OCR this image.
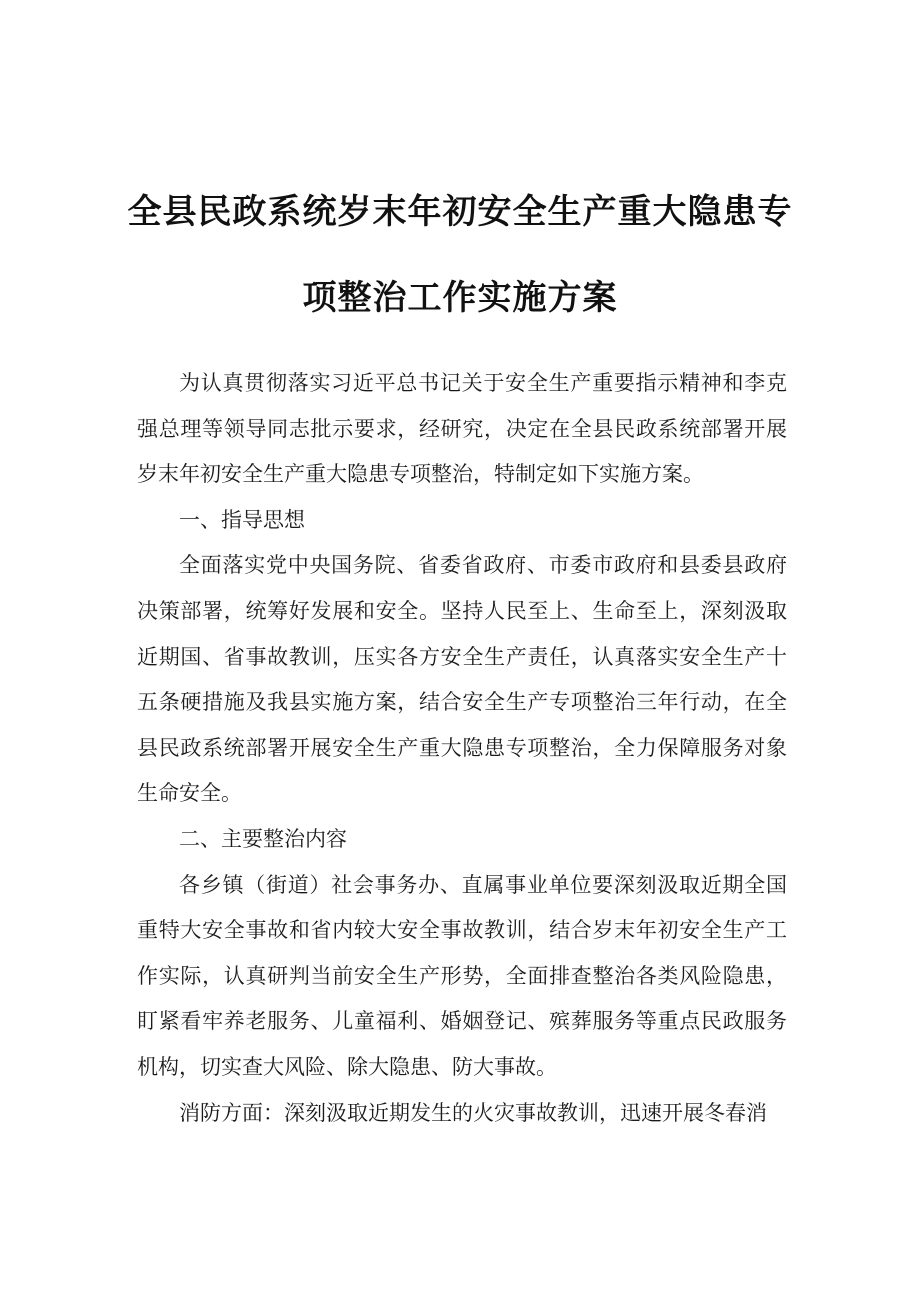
全县民政系统岁末年初安全生产重大隐患专
项整治工作实施方案

为认真贯彻落实习近平总书记关于安全生产重要指示精神和李克强总理等领导同志批示要求，经研究，决定在全县民政系统部署开展岁末年初安全生产重大隐患专项整治，特制定如下实施方案。

一、指导思想

全面落实党中央国务院、省委省政府、市委市政府和县委县政府决策部署，统筹好发展和安全。坚持人民至上、生命至上，深刻汲取近期国、省事故教训，压实各方安全生产责任，认真落实安全生产十五条硬措施及我县实施方案，结合安全生产专项整治三年行动，在全县民政系统部署开展安全生产重大隐患专项整治，全力保障服务对象生命安全。

二、主要整治内容

各乡镇（街道）社会事务办、直属事业单位要深刻汲取近期全国重特大安全事故和省内较大安全事故教训，结合岁末年初安全生产工作实际，认真研判当前安全生产形势，全面排查整治各类风险隐患，盯紧看牢养老服务、儿童福利、婚姻登记、殡葬服务等重点民政服务机构，切实查大风险、除大隐患、防大事故。

消防方面：深刻汲取近期发生的火灾事故教训，迅速开展冬春消
